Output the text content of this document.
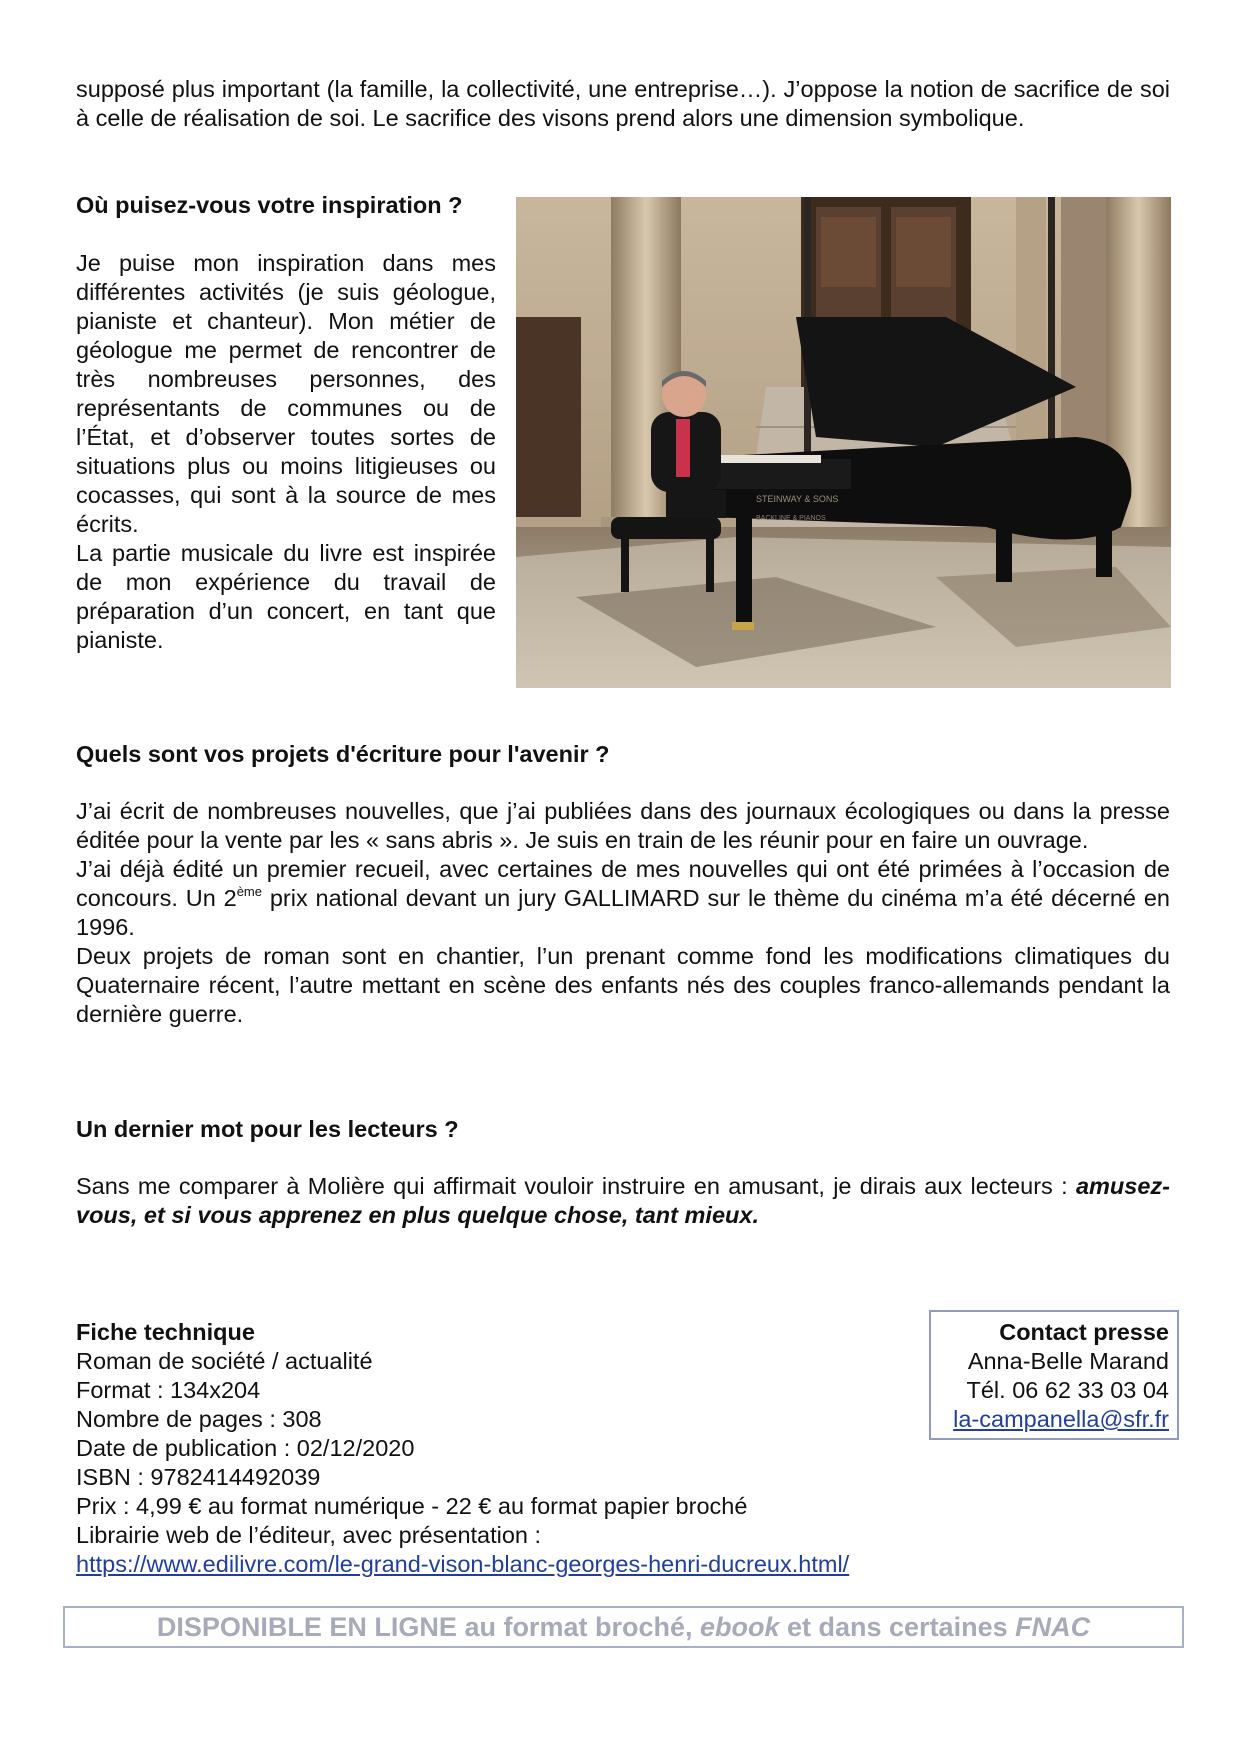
supposé plus important (la famille, la collectivité, une entreprise…). J’oppose la notion de sacrifice de soi à celle de réalisation de soi. Le sacrifice des visons prend alors une dimension symbolique.

Où puisez-vous votre inspiration ?

Je puise mon inspiration dans mes différentes activités (je suis géologue, pianiste et chanteur). Mon métier de géologue me permet de rencontrer de très nombreuses personnes, des représentants de communes ou de l’État, et d’observer toutes sortes de situations plus ou moins litigieuses ou cocasses, qui sont à la source de mes écrits.

La partie musicale du livre est inspirée de mon expérience du travail de préparation d’un concert, en tant que pianiste.

STEINWAY & SONS
BACKLINE & PIANOS

Quels sont vos projets d'écriture pour l'avenir ?

J’ai écrit de nombreuses nouvelles, que j’ai publiées dans des journaux écologiques ou dans la presse éditée pour la vente par les « sans abris ». Je suis en train de les réunir pour en faire un ouvrage.

J’ai déjà édité un premier recueil, avec certaines de mes nouvelles qui ont été primées à l’occasion de concours. Un 2ème prix national devant un jury GALLIMARD sur le thème du cinéma m’a été décerné en 1996.

Deux projets de roman sont en chantier, l’un prenant comme fond les modifications climatiques du Quaternaire récent, l’autre mettant en scène des enfants nés des couples franco-allemands pendant la dernière guerre.

Un dernier mot pour les lecteurs ?

Sans me comparer à Molière qui affirmait vouloir instruire en amusant, je dirais aux lecteurs : amusez-vous, et si vous apprenez en plus quelque chose, tant mieux.

Fiche technique

Roman de société / actualité

Format : 134x204

Nombre de pages : 308

Date de publication : 02/12/2020

ISBN : 9782414492039

Prix : 4,99 € au format numérique - 22 € au format papier broché

Librairie web de l’éditeur, avec présentation :

https://www.edilivre.com/le-grand-vison-blanc-georges-henri-ducreux.html/

Contact presse

Anna-Belle Marand

Tél. 06 62 33 03 04

la-campanella@sfr.fr

DISPONIBLE EN LIGNE au format broché, ebook et dans certaines FNAC
